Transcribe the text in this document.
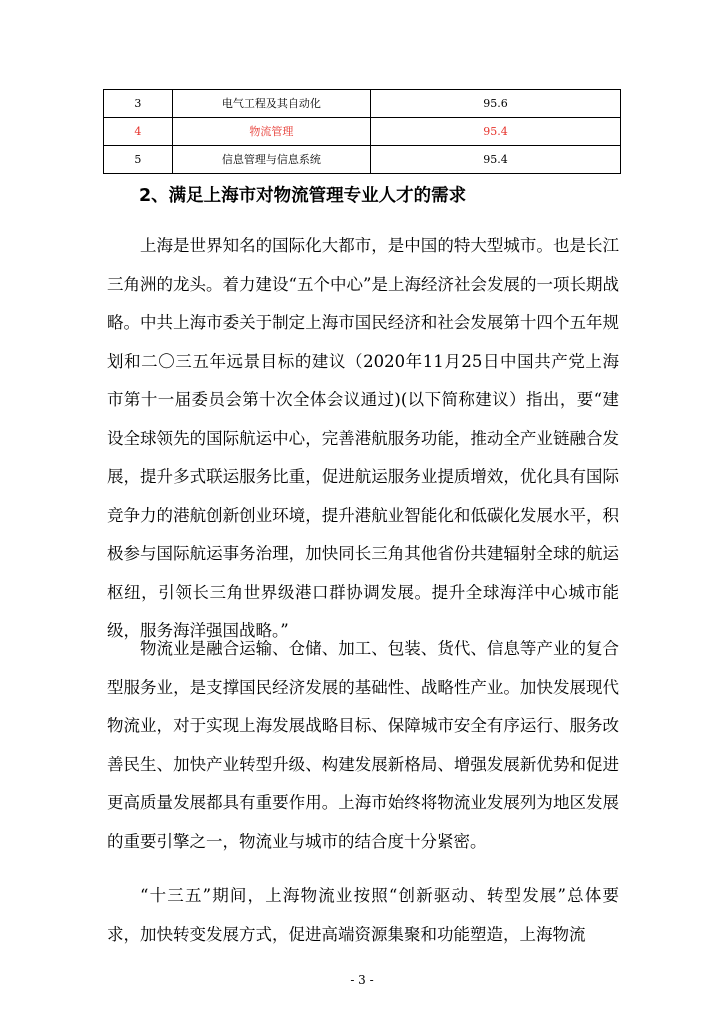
3	电气工程及其自动化	95.6
4	物流管理	95.4
5	信息管理与信息系统	95.4
2、满足上海市对物流管理专业人才的需求

上海是世界知名的国际化大都市，是中国的特大型城市。也是长江三角洲的龙头。着力建设“五个中心”是上海经济社会发展的一项长期战略。中共上海市委关于制定上海市国民经济和社会发展第十四个五年规划和二〇三五年远景目标的建议（2020年11月25日中国共产党上海市第十一届委员会第十次全体会议通过)(以下简称建议）指出，要“建设全球领先的国际航运中心，完善港航服务功能，推动全产业链融合发展，提升多式联运服务比重，促进航运服务业提质增效，优化具有国际竞争力的港航创新创业环境，提升港航业智能化和低碳化发展水平，积极参与国际航运事务治理，加快同长三角其他省份共建辐射全球的航运枢纽，引领长三角世界级港口群协调发展。提升全球海洋中心城市能级，服务海洋强国战略。”

物流业是融合运输、仓储、加工、包装、货代、信息等产业的复合型服务业，是支撑国民经济发展的基础性、战略性产业。加快发展现代物流业，对于实现上海发展战略目标、保障城市安全有序运行、服务改善民生、加快产业转型升级、构建发展新格局、增强发展新优势和促进更高质量发展都具有重要作用。上海市始终将物流业发展列为地区发展的重要引擎之一，物流业与城市的结合度十分紧密。

“十三五”期间，上海物流业按照“创新驱动、转型发展”总体要求，加快转变发展方式，促进高端资源集聚和功能塑造，上海物流

- 3 -
